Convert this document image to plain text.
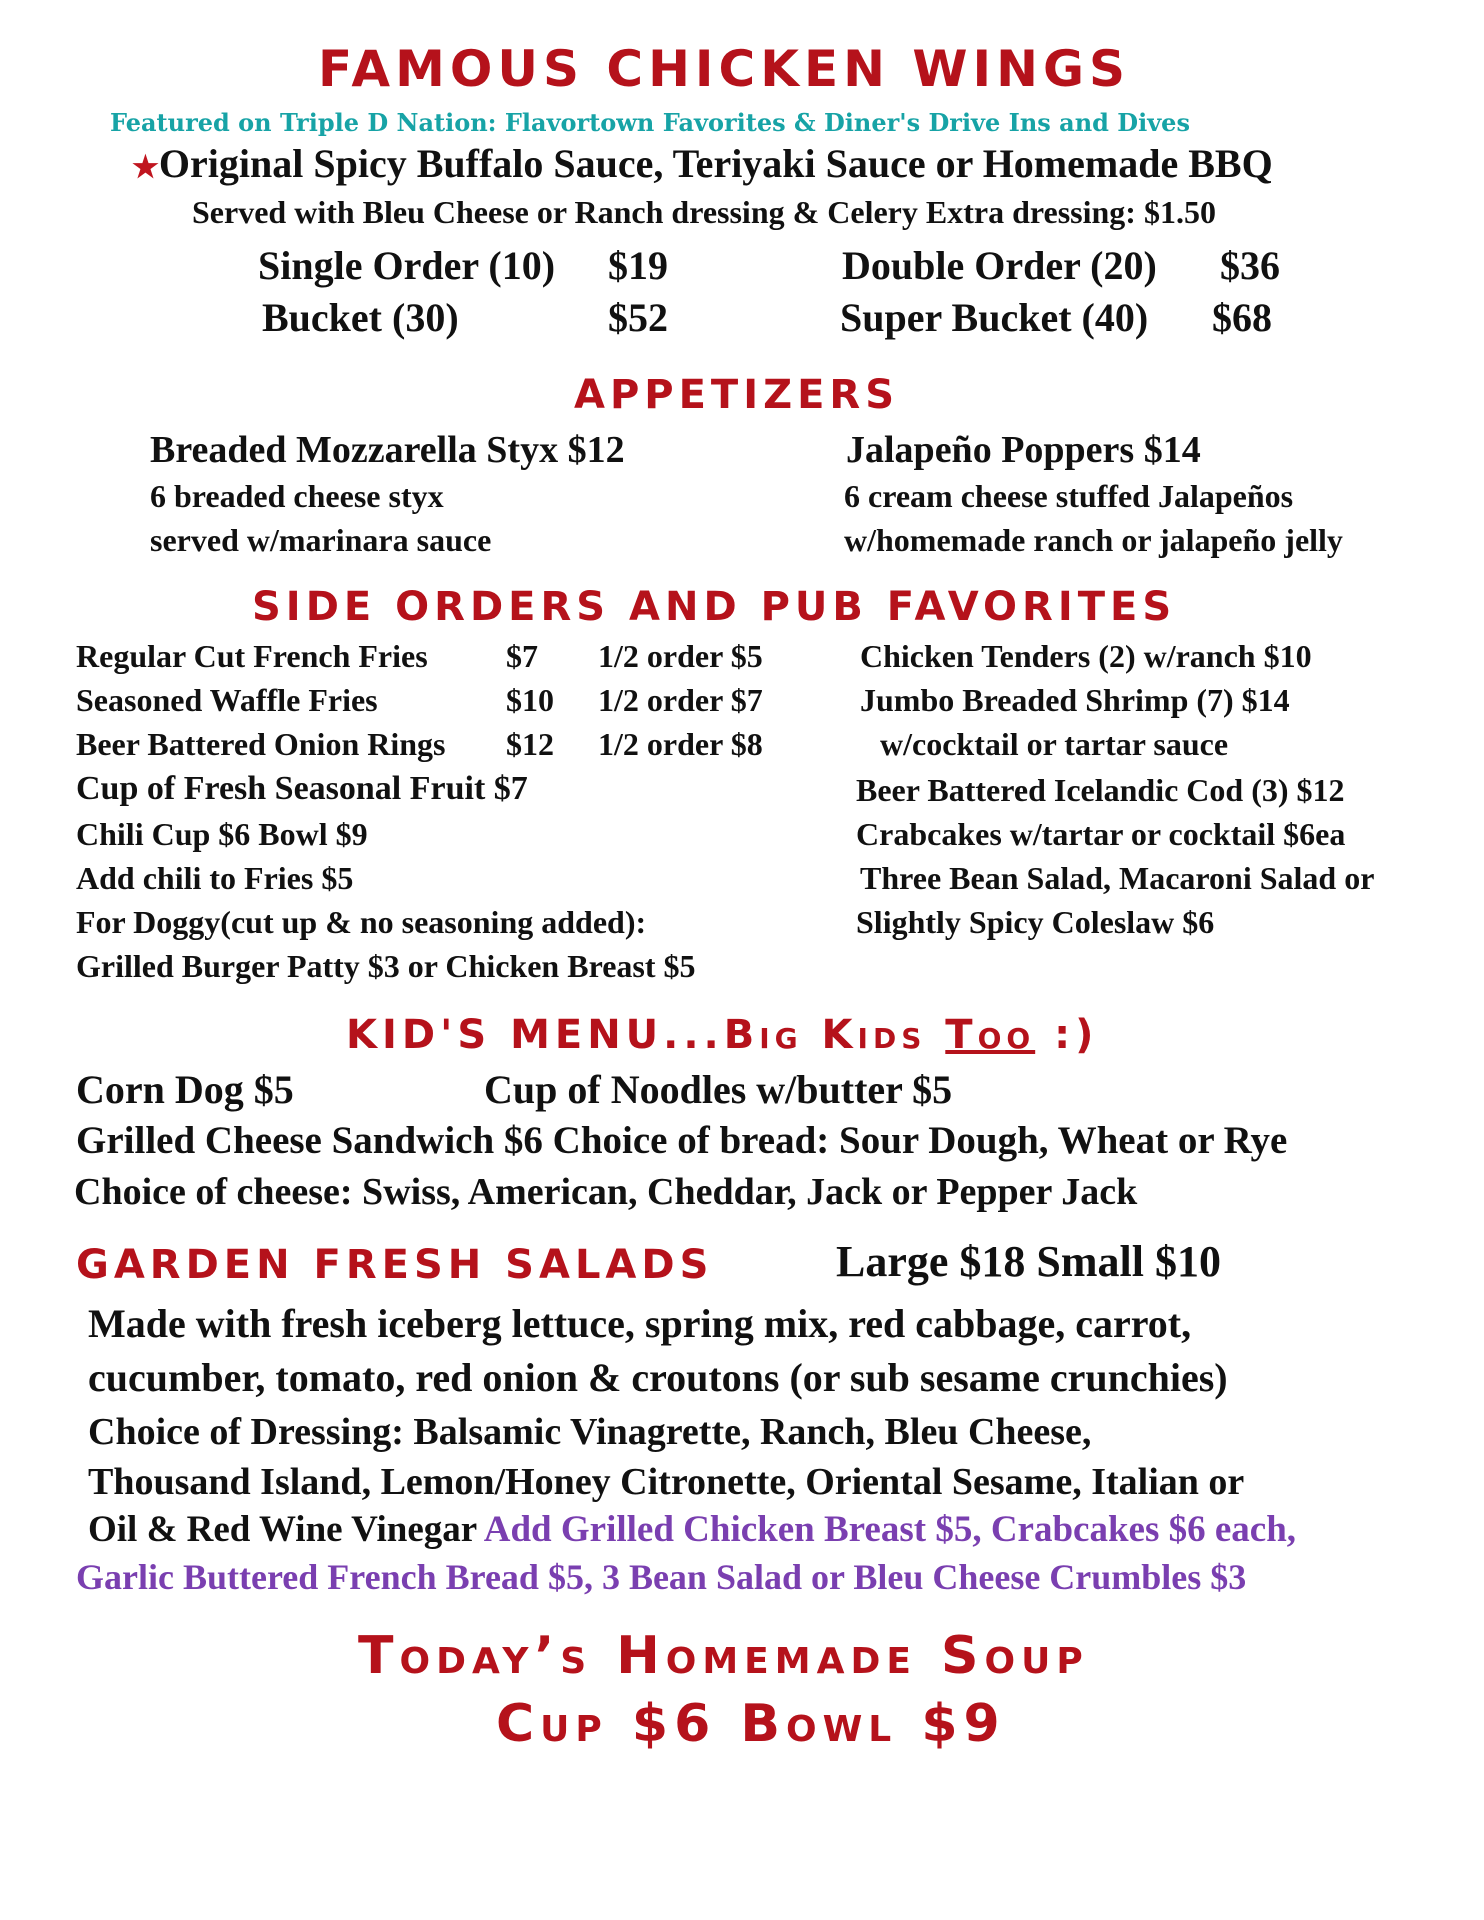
FAMOUS CHICKEN WINGS
Featured on Triple D Nation: Flavortown Favorites & Diner's Drive Ins and Dives
★Original Spicy Buffalo Sauce, Teriyaki Sauce or Homemade BBQ
Served with Bleu Cheese or Ranch dressing & Celery Extra dressing: $1.50
Single Order (10) $19	Double Order (20) $36
Bucket (30)	$52	Super Bucket (40) $68
APPETIZERS
Breaded Mozzarella Styx $12
6 breaded cheese styx
served w/marinara sauce
Jalapeño Poppers $14
6 cream cheese stuffed Jalapeños
w/homemade ranch or jalapeño jelly
SIDE ORDERS AND PUB FAVORITES
Regular Cut French Fries $7 1/2 order $5
Seasoned Waffle Fries	$10 1/2 order $7
Beer Battered Onion Rings $12 1/2 order $8
Cup of Fresh Seasonal Fruit $7
Chili Cup $6 Bowl $9
Add chili to Fries $5
For Doggy(cut up & no seasoning added):
Grilled Burger Patty $3 or Chicken Breast $5
Chicken Tenders (2) w/ranch $10
Jumbo Breaded Shrimp (7) $14
w/cocktail or tartar sauce
Beer Battered Icelandic Cod (3) $12
Crabcakes w/tartar or cocktail $6ea
Three Bean Salad, Macaroni Salad or
Slightly Spicy Coleslaw $6
KID'S MENU...Big Kids Too :)
Corn Dog $5	Cup of Noodles w/butter $5
Grilled Cheese Sandwich $6 Choice of bread: Sour Dough, Wheat or Rye
Choice of cheese: Swiss, American, Cheddar, Jack or Pepper Jack
GARDEN FRESH SALADS	Large $18 Small $10
Made with fresh iceberg lettuce, spring mix, red cabbage, carrot,
cucumber, tomato, red onion & croutons (or sub sesame crunchies)
Choice of Dressing: Balsamic Vinagrette, Ranch, Bleu Cheese,
Thousand Island, Lemon/Honey Citronette, Oriental Sesame, Italian or
Oil & Red Wine Vinegar Add Grilled Chicken Breast $5, Crabcakes $6 each,
Garlic Buttered French Bread $5, 3 Bean Salad or Bleu Cheese Crumbles $3
Today’s Homemade Soup
Cup $6 Bowl $9
